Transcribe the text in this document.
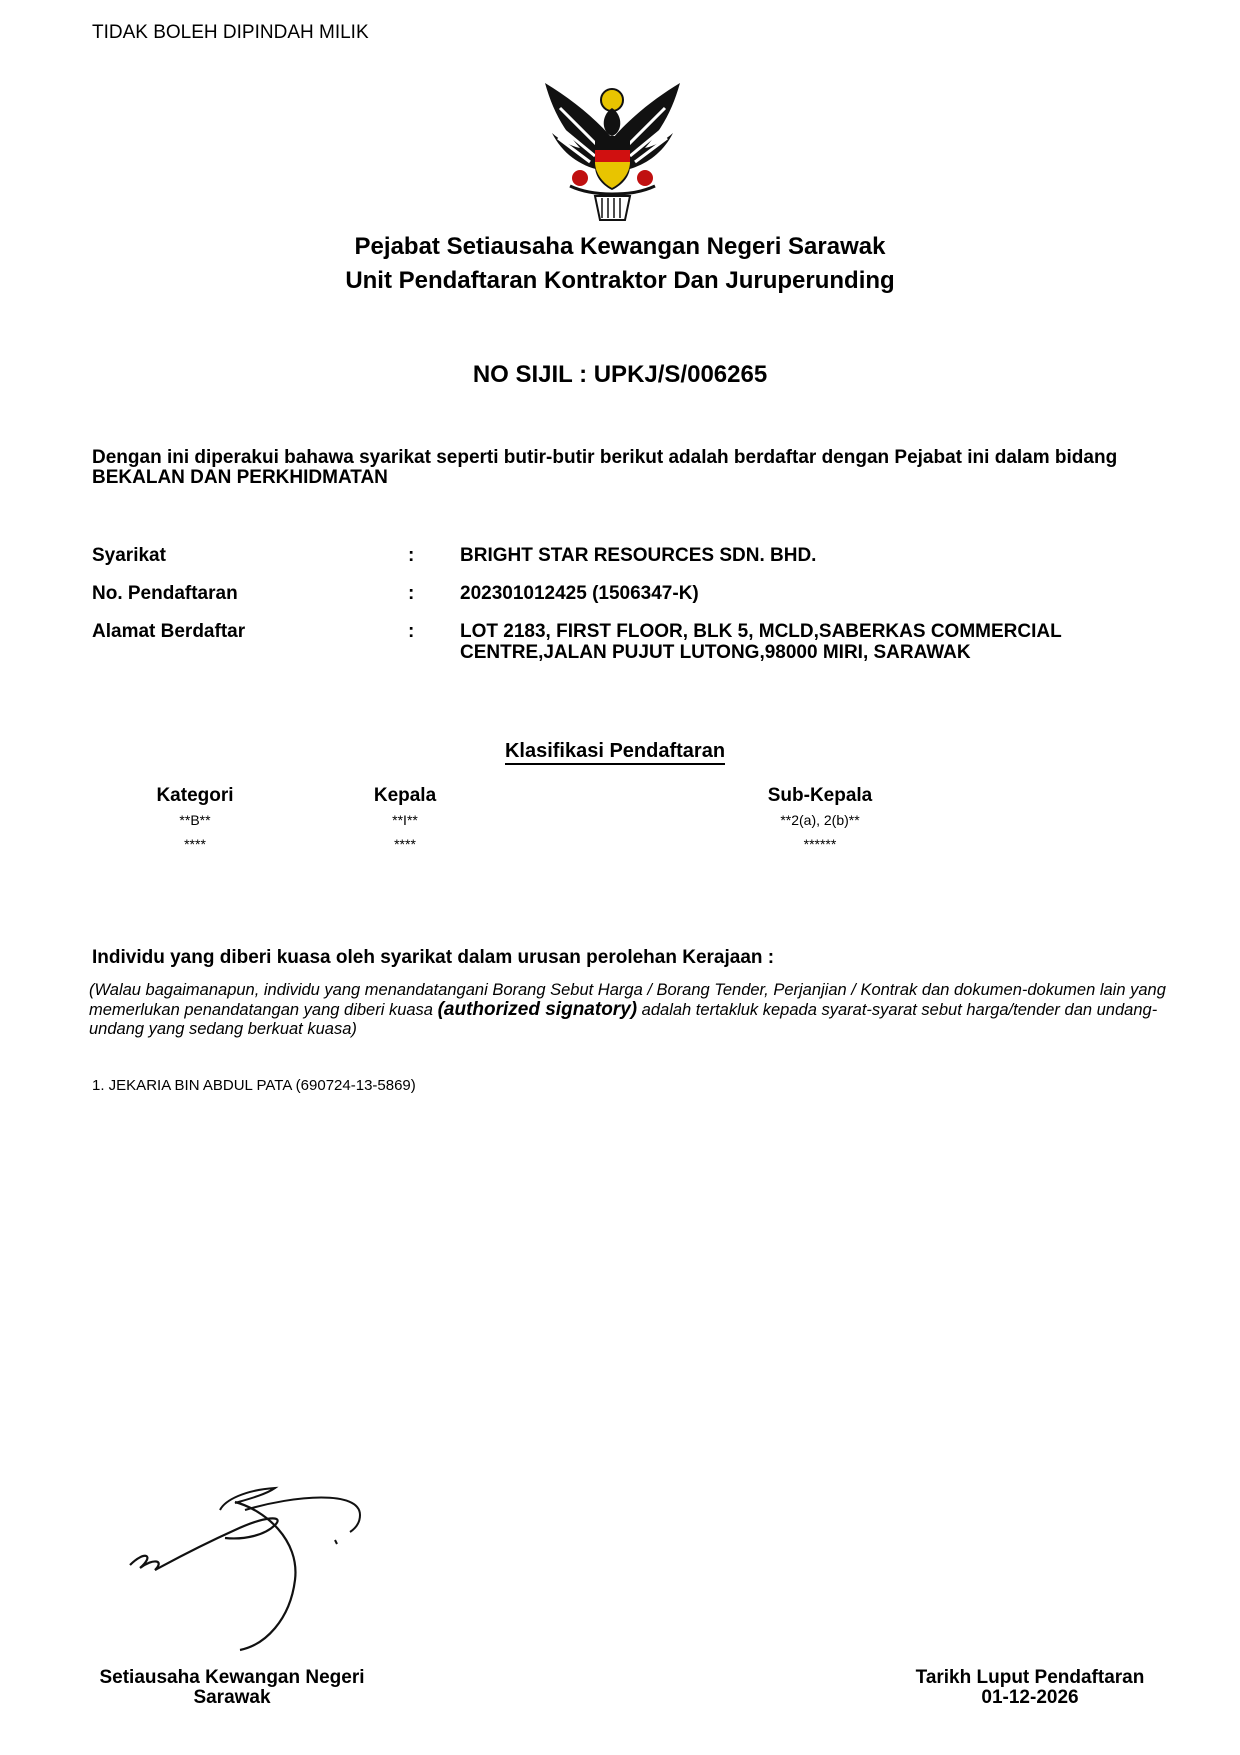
TIDAK BOLEH DIPINDAH MILIK
Pejabat Setiausaha Kewangan Negeri Sarawak
Unit Pendaftaran Kontraktor Dan Juruperunding
NO SIJIL : UPKJ/S/006265
Dengan ini diperakui bahawa syarikat seperti butir-butir berikut adalah berdaftar dengan Pejabat ini dalam bidang BEKALAN DAN PERKHIDMATAN
Syarikat	: BRIGHT STAR RESOURCES SDN. BHD.
No. Pendaftaran	: 202301012425 (1506347-K)
Alamat Berdaftar	: LOT 2183, FIRST FLOOR, BLK 5, MCLD,SABERKAS COMMERCIAL CENTRE,JALAN PUJUT LUTONG,98000 MIRI, SARAWAK
Klasifikasi Pendaftaran
Kategori	Kepala	Sub-Kepala
**B**	**I**	**2(a), 2(b)**
****	****	******
Individu yang diberi kuasa oleh syarikat dalam urusan perolehan Kerajaan :
(Walau bagaimanapun, individu yang menandatangani Borang Sebut Harga / Borang Tender, Perjanjian / Kontrak dan dokumen-dokumen lain yang memerlukan penandatangan yang diberi kuasa (authorized signatory) adalah tertakluk kepada syarat-syarat sebut harga/tender dan undang-undang yang sedang berkuat kuasa)
1. JEKARIA BIN ABDUL PATA (690724-13-5869)
Setiausaha Kewangan Negeri
Sarawak
Tarikh Luput Pendaftaran
01-12-2026
